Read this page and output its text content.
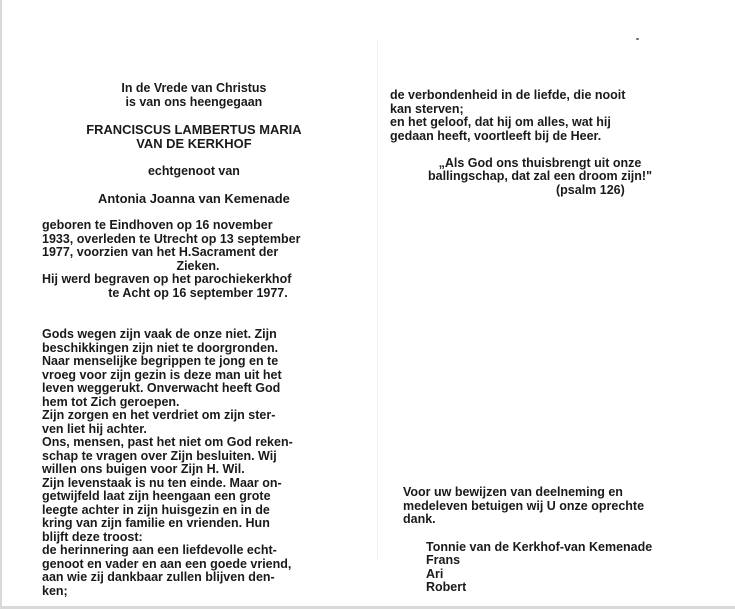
In de Vrede van Christus
is van ons heengegaan
FRANCISCUS LAMBERTUS MARIA
VAN DE KERKHOF
echtgenoot van
Antonia Joanna van Kemenade
geboren te Eindhoven op 16 november
1933, overleden te Utrecht op 13 september
1977, voorzien van het H.Sacrament der
Zieken.
Hij werd begraven op het parochiekerkhof
te Acht op 16 september 1977.
Gods wegen zijn vaak de onze niet. Zijn
beschikkingen zijn niet te doorgronden.
Naar menselijke begrippen te jong en te
vroeg voor zijn gezin is deze man uit het
leven weggerukt. Onverwacht heeft God
hem tot Zich geroepen.
Zijn zorgen en het verdriet om zijn ster-
ven liet hij achter.
Ons, mensen, past het niet om God reken-
schap te vragen over Zijn besluiten. Wij
willen ons buigen voor Zijn H. Wil.
Zijn levenstaak is nu ten einde. Maar on-
getwijfeld laat zijn heengaan een grote
leegte achter in zijn huisgezin en in de
kring van zijn familie en vrienden. Hun
blijft deze troost:
de herinnering aan een liefdevolle echt-
genoot en vader en aan een goede vriend,
aan wie zij dankbaar zullen blijven den-
ken;
de verbondenheid in de liefde, die nooit
kan sterven;
en het geloof, dat hij om alles, wat hij
gedaan heeft, voortleeft bij de Heer.
„Als God ons thuisbrengt uit onze
ballingschap, dat zal een droom zijn!"
(psalm 126)
Voor uw bewijzen van deelneming en
medeleven betuigen wij U onze oprechte
dank.
Tonnie van de Kerkhof-van Kemenade
Frans
Ari
Robert
